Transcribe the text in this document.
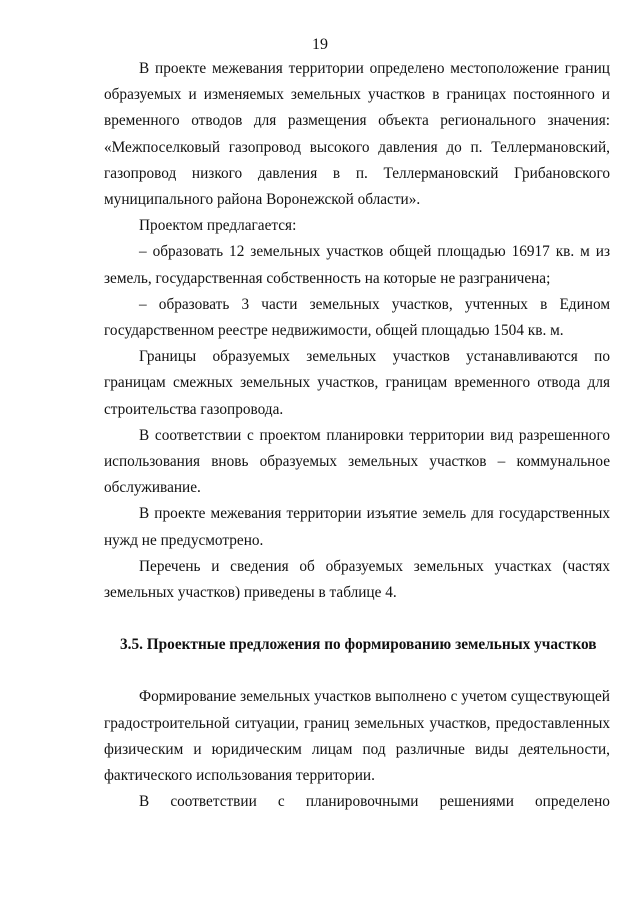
19

В проекте межевания территории определено местоположение границ образуемых и изменяемых земельных участков в границах постоянного и временного отводов для размещения объекта регионального значения: «Межпоселковый газопровод высокого давления до п. Теллермановский, газопровод низкого давления в п. Теллермановский Грибановского муниципального района Воронежской области».

Проектом предлагается:

– образовать 12 земельных участков общей площадью 16917 кв. м из земель, государственная собственность на которые не разграничена;

– образовать 3 части земельных участков, учтенных в Едином государственном реестре недвижимости, общей площадью 1504 кв. м.

Границы образуемых земельных участков устанавливаются по границам смежных земельных участков, границам временного отвода для строительства газопровода.

В соответствии с проектом планировки территории вид разрешенного использования вновь образуемых земельных участков – коммунальное обслуживание.

В проекте межевания территории изъятие земель для государственных нужд не предусмотрено.

Перечень и сведения об образуемых земельных участках (частях земельных участков) приведены в таблице 4.

3.5. Проектные предложения по формированию земельных участков

Формирование земельных участков выполнено с учетом существующей градостроительной ситуации, границ земельных участков, предоставленных физическим и юридическим лицам под различные виды деятельности, фактического использования территории.

В соответствии с планировочными решениями определено
